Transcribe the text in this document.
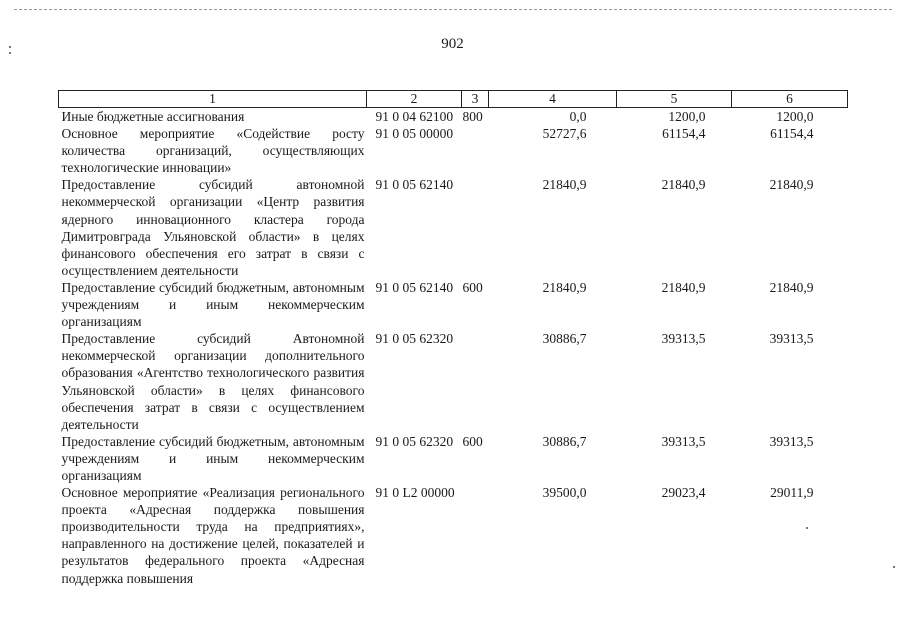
902
1	2	3	4	5	6
Иные бюджетные ассигнования	91 0 04 62100	800	0,0	1200,0	1200,0
Основное мероприятие «Содействие росту количества организаций, осуществляющих технологические инновации»	91 0 05 00000		52727,6	61154,4	61154,4
Предоставление субсидий автономной некоммерческой организации «Центр развития ядерного инновационного кластера города Димитровграда Ульяновской области» в целях финансового обеспечения его затрат в связи с осуществлением деятельности	91 0 05 62140		21840,9	21840,9	21840,9
Предоставление субсидий бюджетным, автономным учреждениям и иным некоммерческим организациям	91 0 05 62140	600	21840,9	21840,9	21840,9
Предоставление субсидий Автономной некоммерческой организации дополнительного образования «Агентство технологического развития Ульяновской области» в целях финансового обеспечения затрат в связи с осуществлением деятельности	91 0 05 62320		30886,7	39313,5	39313,5
Предоставление субсидий бюджетным, автономным учреждениям и иным некоммерческим организациям	91 0 05 62320	600	30886,7	39313,5	39313,5
Основное мероприятие «Реализация регионального проекта «Адресная поддержка повышения производительности труда на предприятиях», направленного на достижение целей, показателей и результатов федерального проекта «Адресная поддержка повышения	91 0 L2 00000		39500,0	29023,4	29011,9
